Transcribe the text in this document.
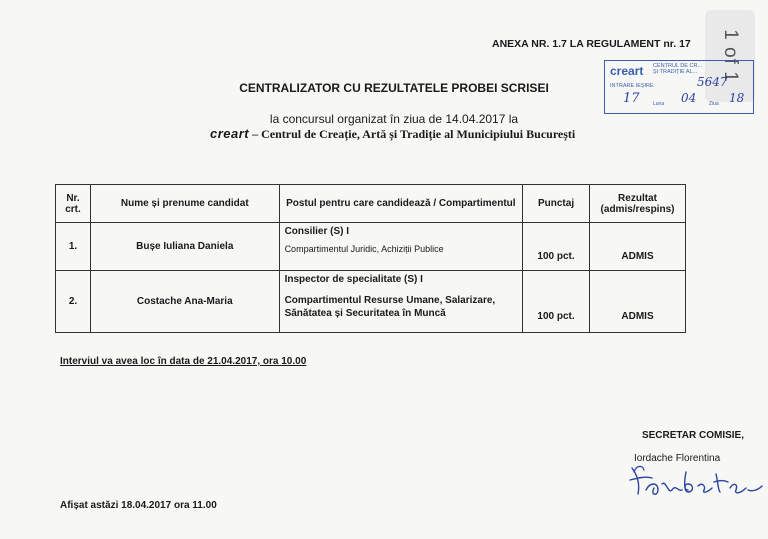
ANEXA NR. 1.7 LA REGULAMENT nr. 17 1 of 1
creart CENTRUL DE CR... ȘI TRADIȚIE AL...
INTRARE IEȘIRE	5647
17	Luna 04	Ziua 18
CENTRALIZATOR CU REZULTATELE PROBEI SCRISEI
la concursul organizat în ziua de 14.04.2017 la
creart – Centrul de Creație, Artă și Tradiție al Municipiului București
Nr. crt.	Nume și prenume candidat	Postul pentru care candidează / Compartimentul	Punctaj	Rezultat (admis/respins)
1.	Bușe Iuliana Daniela	Consilier (S) I
Compartimentul Juridic, Achiziții Publice	100 pct.	ADMIS
2.	Costache Ana-Maria	Inspector de specialitate (S) I
Compartimentul Resurse Umane, Salarizare, Sănătatea și Securitatea în Muncă	100 pct.	ADMIS
Interviul va avea loc în data de 21.04.2017, ora 10.00
SECRETAR COMISIE,
Iordache Florentina
Afișat astăzi 18.04.2017 ora 11.00
